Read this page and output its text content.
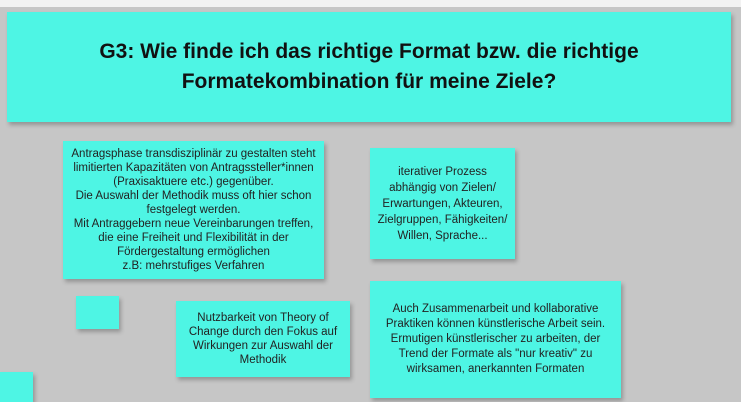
G3: Wie finde ich das richtige Format bzw. die richtige Formatekombination für meine Ziele?
Antragsphase transdisziplinär zu gestalten steht limitierten Kapazitäten von Antragssteller*innen (Praxisaktuere etc.) gegenüber.
Die Auswahl der Methodik muss oft hier schon festgelegt werden.
Mit Antraggebern neue Vereinbarungen treffen, die eine Freiheit und Flexibilität in der Fördergestaltung ermöglichen
z.B: mehrstufiges Verfahren
iterativer Prozess abhängig von Zielen/ Erwartungen, Akteuren, Zielgruppen, Fähigkeiten/ Willen, Sprache...
Nutzbarkeit von Theory of Change durch den Fokus auf Wirkungen zur Auswahl der Methodik
Auch Zusammenarbeit und kollaborative Praktiken können künstlerische Arbeit sein. Ermutigen künstlerischer zu arbeiten, der Trend der Formate als "nur kreativ" zu wirksamen, anerkannten Formaten
